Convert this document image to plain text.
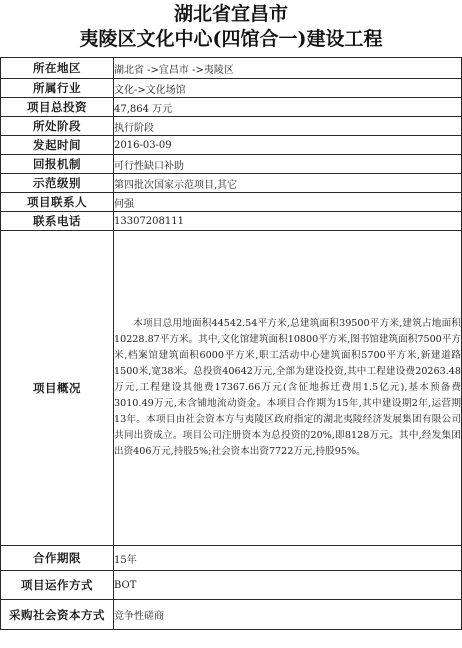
湖北省宜昌市
夷陵区文化中心(四馆合一)建设工程
所在地区	湖北省 ->宜昌市 ->夷陵区
所属行业	文化->文化场馆
项目总投资	47,864 万元
所处阶段	执行阶段
发起时间	2016-03-09
回报机制	可行性缺口补助
示范级别	第四批次国家示范项目,其它
项目联系人	何强
联系电话	13307208111
项目概况	本项目总用地面积44542.54平方米,总建筑面积39500平方米,建筑占地面积10228.87平方米。其中,文化馆建筑面积10800平方米,图书馆建筑面积7500平方米,档案馆建筑面积6000平方米,职工活动中心建筑面积5700平方米,新建道路1500米,宽38米。总投资40642万元,全部为建设投资,其中工程建设费20263.48万元,工程建设其他费17367.66万元(含征地拆迁费用1.5亿元),基本预备费3010.49万元,未含铺地流动资金。本项目合作期为15年,其中建设期2年,运营期13年。本项目由社会资本方与夷陵区政府指定的湖北夷陵经济发展集团有限公司共同出资成立。项目公司注册资本为总投资的20%,即8128万元。其中,经发集团出资406万元,持股5%;社会资本出资7722万元,持股95%。

合作期限	15年
项目运作方式	BOT
采购社会资本方式	竞争性磋商
